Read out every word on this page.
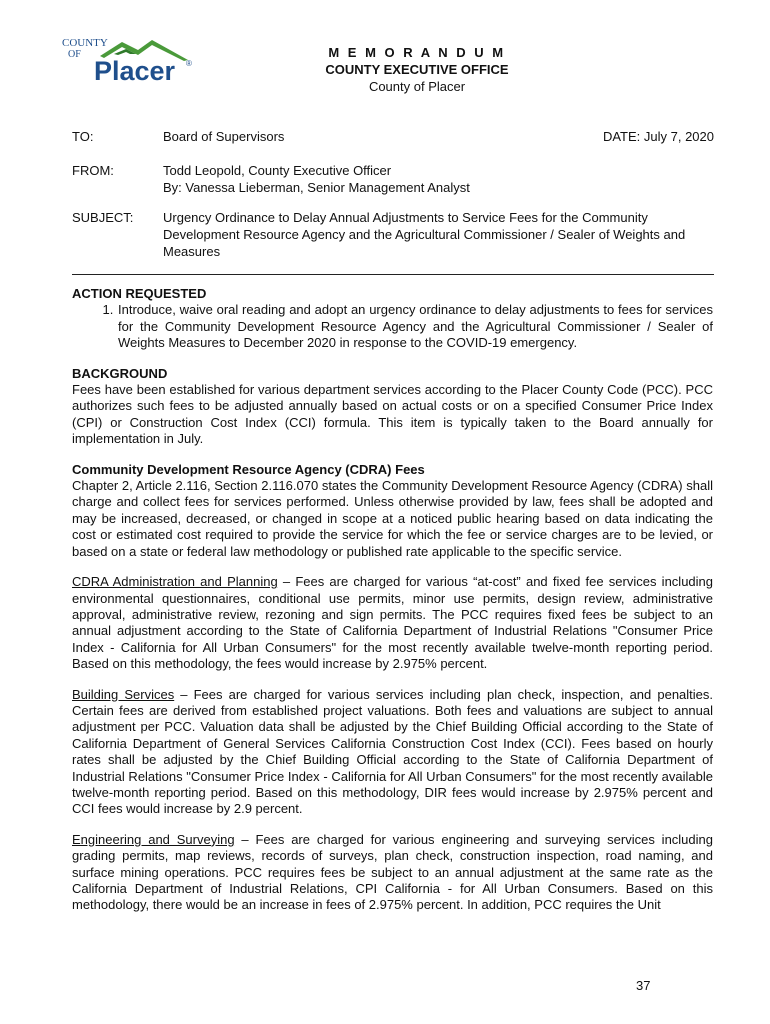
COUNTY
OF
Placer ®
M E M O R A N D U M
COUNTY EXECUTIVE OFFICE
County of Placer
TO:	Board of Supervisors	DATE: July 7, 2020
FROM:	Todd Leopold, County Executive Officer
By: Vanessa Lieberman, Senior Management Analyst
SUBJECT:	Urgency Ordinance to Delay Annual Adjustments to Service Fees for the Community Development Resource Agency and the Agricultural Commissioner / Sealer of Weights and Measures

ACTION REQUESTED

1. Introduce, waive oral reading and adopt an urgency ordinance to delay adjustments to fees for services for the Community Development Resource Agency and the Agricultural Commissioner / Sealer of Weights Measures to December 2020 in response to the COVID-19 emergency.

BACKGROUND

Fees have been established for various department services according to the Placer County Code (PCC). PCC authorizes such fees to be adjusted annually based on actual costs or on a specified Consumer Price Index (CPI) or Construction Cost Index (CCI) formula. This item is typically taken to the Board annually for implementation in July.

Community Development Resource Agency (CDRA) Fees

Chapter 2, Article 2.116, Section 2.116.070 states the Community Development Resource Agency (CDRA) shall charge and collect fees for services performed. Unless otherwise provided by law, fees shall be adopted and may be increased, decreased, or changed in scope at a noticed public hearing based on data indicating the cost or estimated cost required to provide the service for which the fee or service charges are to be levied, or based on a state or federal law methodology or published rate applicable to the specific service.

CDRA Administration and Planning – Fees are charged for various “at-cost” and fixed fee services including environmental questionnaires, conditional use permits, minor use permits, design review, administrative approval, administrative review, rezoning and sign permits. The PCC requires fixed fees be subject to an annual adjustment according to the State of California Department of Industrial Relations "Consumer Price Index - California for All Urban Consumers" for the most recently available twelve-month reporting period. Based on this methodology, the fees would increase by 2.975% percent.

Building Services – Fees are charged for various services including plan check, inspection, and penalties. Certain fees are derived from established project valuations. Both fees and valuations are subject to annual adjustment per PCC. Valuation data shall be adjusted by the Chief Building Official according to the State of California Department of General Services California Construction Cost Index (CCI). Fees based on hourly rates shall be adjusted by the Chief Building Official according to the State of California Department of Industrial Relations "Consumer Price Index - California for All Urban Consumers" for the most recently available twelve-month reporting period. Based on this methodology, DIR fees would increase by 2.975% percent and CCI fees would increase by 2.9 percent.

Engineering and Surveying – Fees are charged for various engineering and surveying services including grading permits, map reviews, records of surveys, plan check, construction inspection, road naming, and surface mining operations. PCC requires fees be subject to an annual adjustment at the same rate as the California Department of Industrial Relations, CPI California - for All Urban Consumers. Based on this methodology, there would be an increase in fees of 2.975% percent. In addition, PCC requires the Unit

37
